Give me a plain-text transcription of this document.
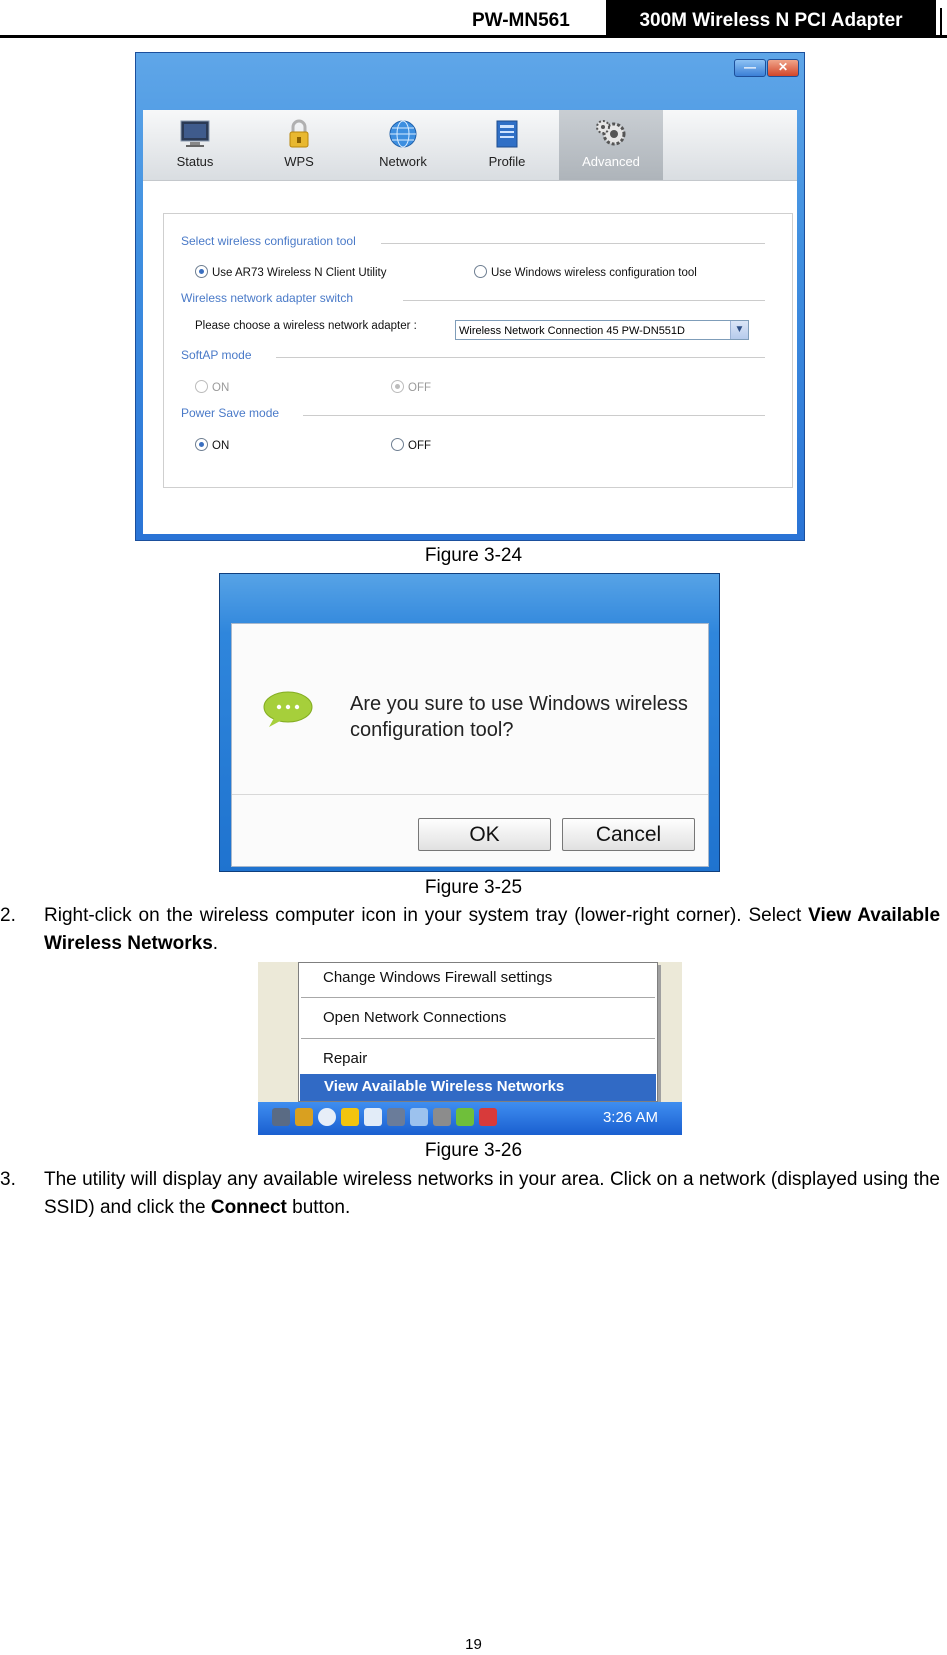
PW-MN561	300M Wireless N PCI Adapter
— ✕
Status	WPS	Network	Profile	Advanced
Select wireless configuration tool
Use AR73 Wireless N Client Utility	Use Windows wireless configuration tool
Wireless network adapter switch
Please choose a wireless network adapter :	Wireless Network Connection 45 PW-DN551D	▼
SoftAP mode
ON	OFF
Power Save mode
ON	OFF
Figure 3-24
Are you sure to use Windows wireless configuration tool?
OK	Cancel
Figure 3-25
2. Right-click on the wireless computer icon in your system tray (lower-right corner). Select View Available Wireless Networks.
Change Windows Firewall settings
Open Network Connections
Repair
View Available Wireless Networks
3:26 AM
Figure 3-26
3. The utility will display any available wireless networks in your area. Click on a network (displayed using the SSID) and click the Connect button.
19
